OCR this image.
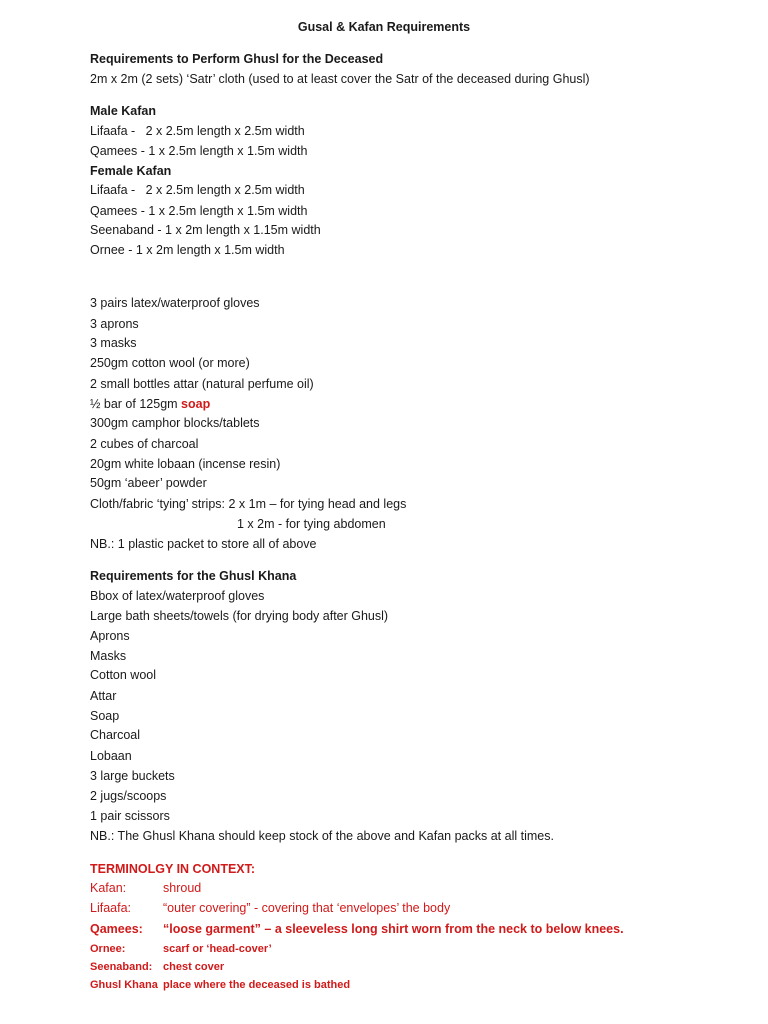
Gusal & Kafan Requirements
Requirements to Perform Ghusl for the Deceased
2m x 2m (2 sets) ‘Satr’ cloth (used to at least cover the Satr of the deceased during Ghusl)
Male Kafan
Lifaafa -   2 x 2.5m length x 2.5m width
Qamees - 1 x 2.5m length x 1.5m width
Female Kafan
Lifaafa -   2 x 2.5m length x 2.5m width
Qamees - 1 x 2.5m length x 1.5m width
Seenaband - 1 x 2m length x 1.15m width
Ornee - 1 x 2m length x 1.5m width
3 pairs latex/waterproof gloves
3 aprons
3 masks
250gm cotton wool (or more)
2 small bottles attar (natural perfume oil)
½ bar of 125gm soap
300gm camphor blocks/tablets
2 cubes of charcoal
20gm white lobaan (incense resin)
50gm ‘abeer’ powder
Cloth/fabric ‘tying’ strips: 2 x 1m – for tying head and legs
1 x 2m - for tying abdomen
NB.: 1 plastic packet to store all of above
Requirements for the Ghusl Khana
Bbox of latex/waterproof gloves
Large bath sheets/towels (for drying body after Ghusl)
Aprons
Masks
Cotton wool
Attar
Soap
Charcoal
Lobaan
3 large buckets
2 jugs/scoops
1 pair scissors
NB.: The Ghusl Khana should keep stock of the above and Kafan packs at all times.
TERMINOLGY IN CONTEXT:
Kafan:	shroud
Lifaafa:	“outer covering” - covering that ‘envelopes’ the body
Qamees: “loose garment” – a sleeveless long shirt worn from the neck to below knees.
Ornee:	scarf or ‘head-cover’
Seenaband: chest cover
Ghusl Khana place where the deceased is bathed
